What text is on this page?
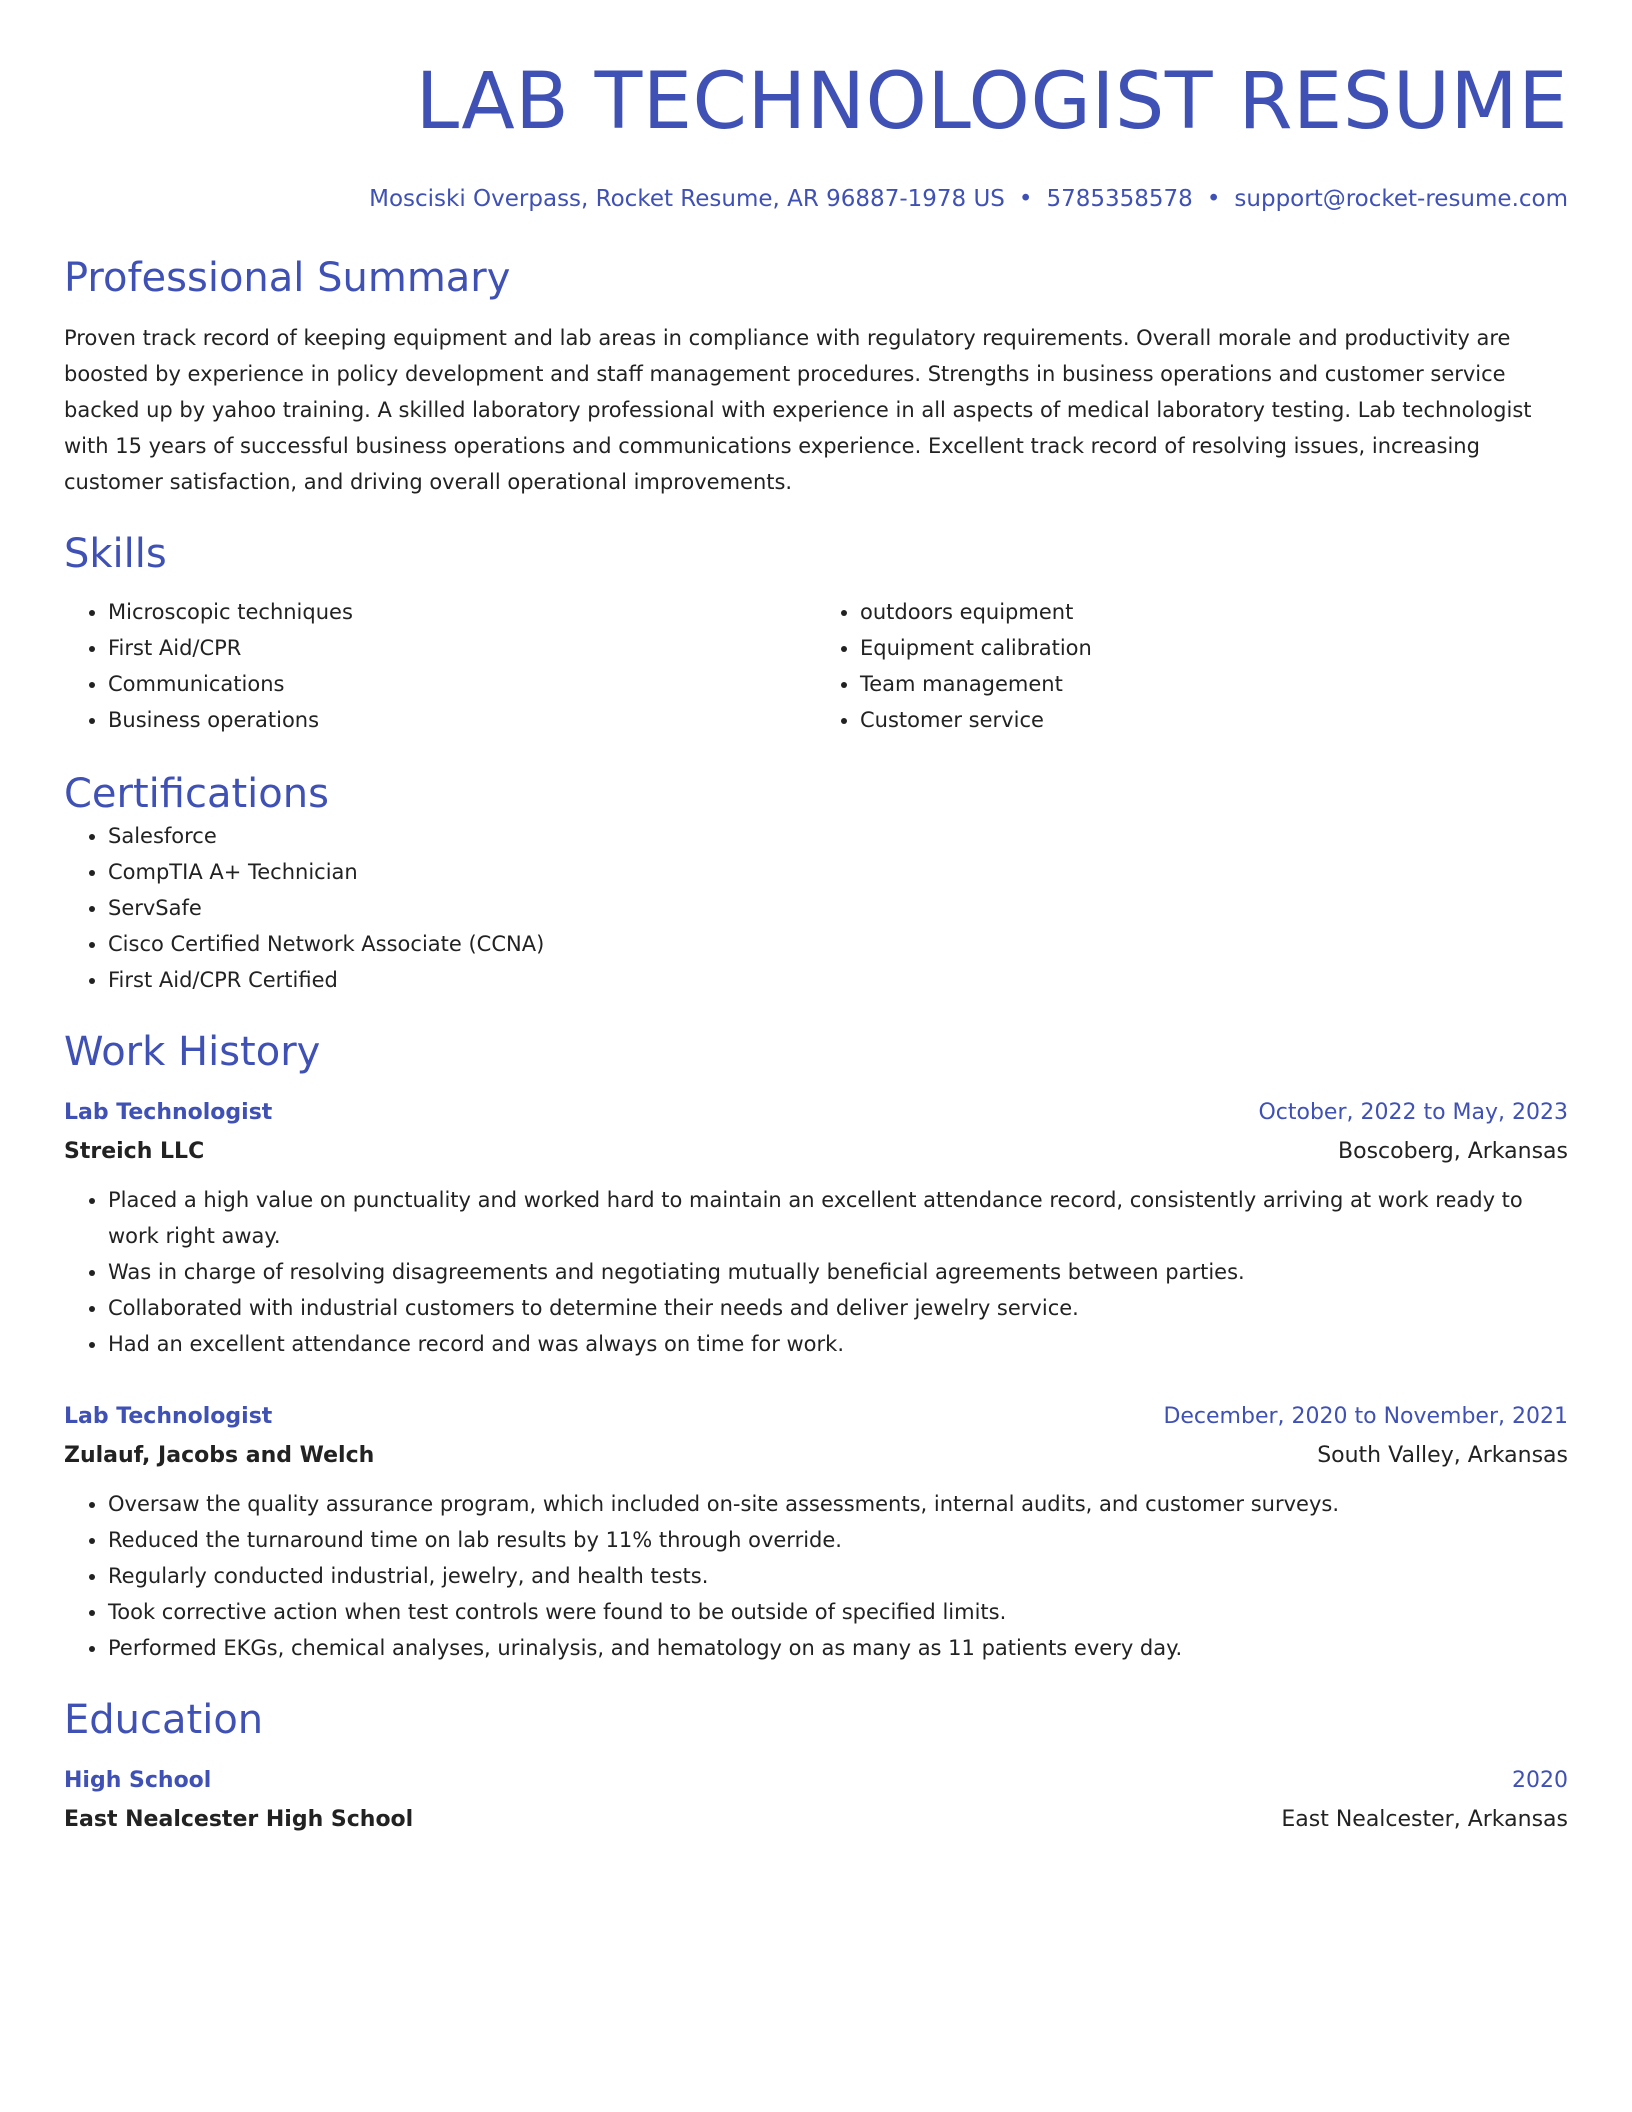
LAB TECHNOLOGIST RESUME
Mosciski Overpass, Rocket Resume, AR 96887-1978 US • 5785358578 • support@rocket-resume.com
Professional Summary
Proven track record of keeping equipment and lab areas in compliance with regulatory requirements. Overall morale and productivity are boosted by experience in policy development and staff management procedures. Strengths in business operations and customer service backed up by yahoo training. A skilled laboratory professional with experience in all aspects of medical laboratory testing. Lab technologist with 15 years of successful business operations and communications experience. Excellent track record of resolving issues, increasing customer satisfaction, and driving overall operational improvements.
Skills
• Microscopic techniques
• First Aid/CPR
• Communications
• Business operations
• outdoors equipment
• Equipment calibration
• Team management
• Customer service
Certifications
• Salesforce
• CompTIA A+ Technician
• ServSafe
• Cisco Certified Network Associate (CCNA)
• First Aid/CPR Certified
Work History
Lab Technologist	October, 2022 to May, 2023
Streich LLC	Boscoberg, Arkansas
• Placed a high value on punctuality and worked hard to maintain an excellent attendance record, consistently arriving at work ready to work right away.
• Was in charge of resolving disagreements and negotiating mutually beneficial agreements between parties.
• Collaborated with industrial customers to determine their needs and deliver jewelry service.
• Had an excellent attendance record and was always on time for work.
Lab Technologist	December, 2020 to November, 2021
Zulauf, Jacobs and Welch	South Valley, Arkansas
• Oversaw the quality assurance program, which included on-site assessments, internal audits, and customer surveys.
• Reduced the turnaround time on lab results by 11% through override.
• Regularly conducted industrial, jewelry, and health tests.
• Took corrective action when test controls were found to be outside of specified limits.
• Performed EKGs, chemical analyses, urinalysis, and hematology on as many as 11 patients every day.
Education
High School	2020
East Nealcester High School	East Nealcester, Arkansas
